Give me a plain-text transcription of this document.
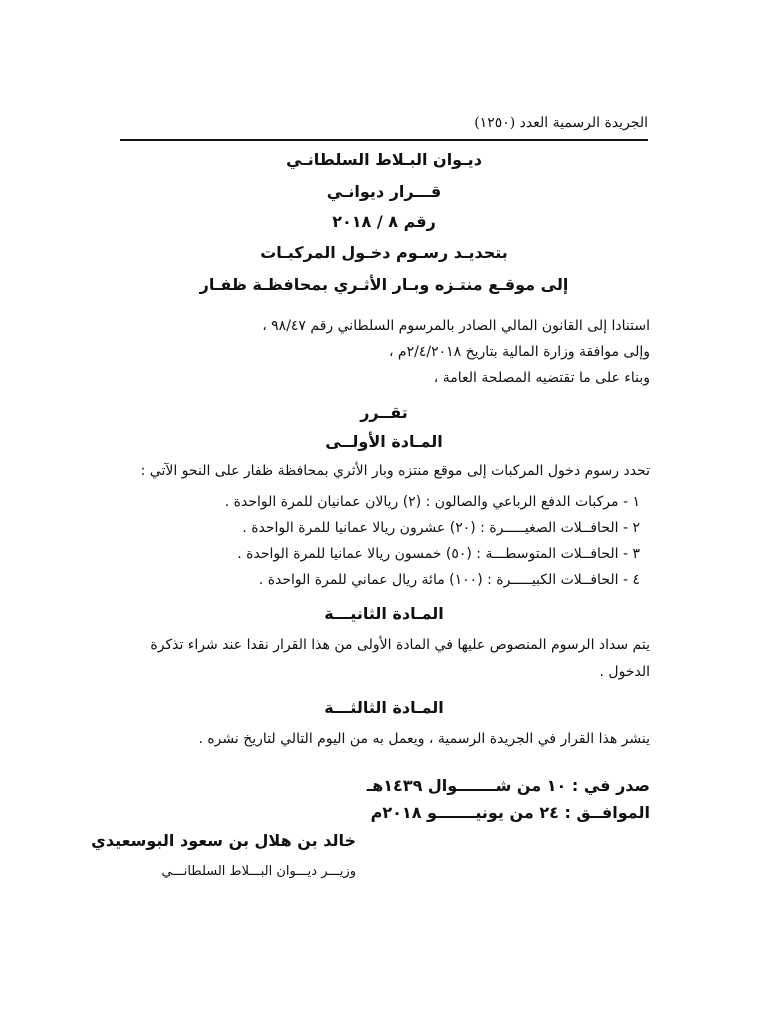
الجريدة الرسمية العدد (١٢٥٠)
ديـوان البـلاط السلطانـي
قـــرار ديوانـي
رقم ٨ / ٢٠١٨
بتحديـد رسـوم دخـول المركبـات
إلى موقـع منتـزه وبـار الأثـري بمحافظـة ظفـار
استنادا إلى القانون المالي الصادر بالمرسوم السلطاني رقم ٩٨/٤٧ ،
وإلى موافقة وزارة المالية بتاريخ ٢/٤/٢٠١٨م ،
وبناء على ما تقتضيه المصلحة العامة ،
تقــرر
المـادة الأولــى
تحدد رسوم دخول المركبات إلى موقع منتزه وبار الأثري بمحافظة ظفار على النحو الآتي :
١ - مركبات الدفع الرباعي والصالون : (٢) ريالان عمانيان للمرة الواحدة .
٢ - الحافــلات الصغيـــــرة : (٢٠) عشرون ريالا عمانيا للمرة الواحدة .
٣ - الحافــلات المتوسطـــة : (٥٠) خمسون ريالا عمانيا للمرة الواحدة .
٤ - الحافــلات الكبيـــــرة : (١٠٠) مائة ريال عماني للمرة الواحدة .
المـادة الثانيـــة
يتم سداد الرسوم المنصوص عليها في المادة الأولى من هذا القرار نقدا عند شراء تذكرة
الدخول .
المـادة الثالثـــة
ينشر هذا القرار في الجريدة الرسمية ، ويعمل به من اليوم التالي لتاريخ نشره .
صدر في : ١٠ من شـــــــوال ١٤٣٩هـ
الموافــق : ٢٤ من يونيـــــــو ٢٠١٨م
خالد بن هلال بن سعود البوسعيدي
وزيـــر ديـــوان البـــلاط السلطانـــي
